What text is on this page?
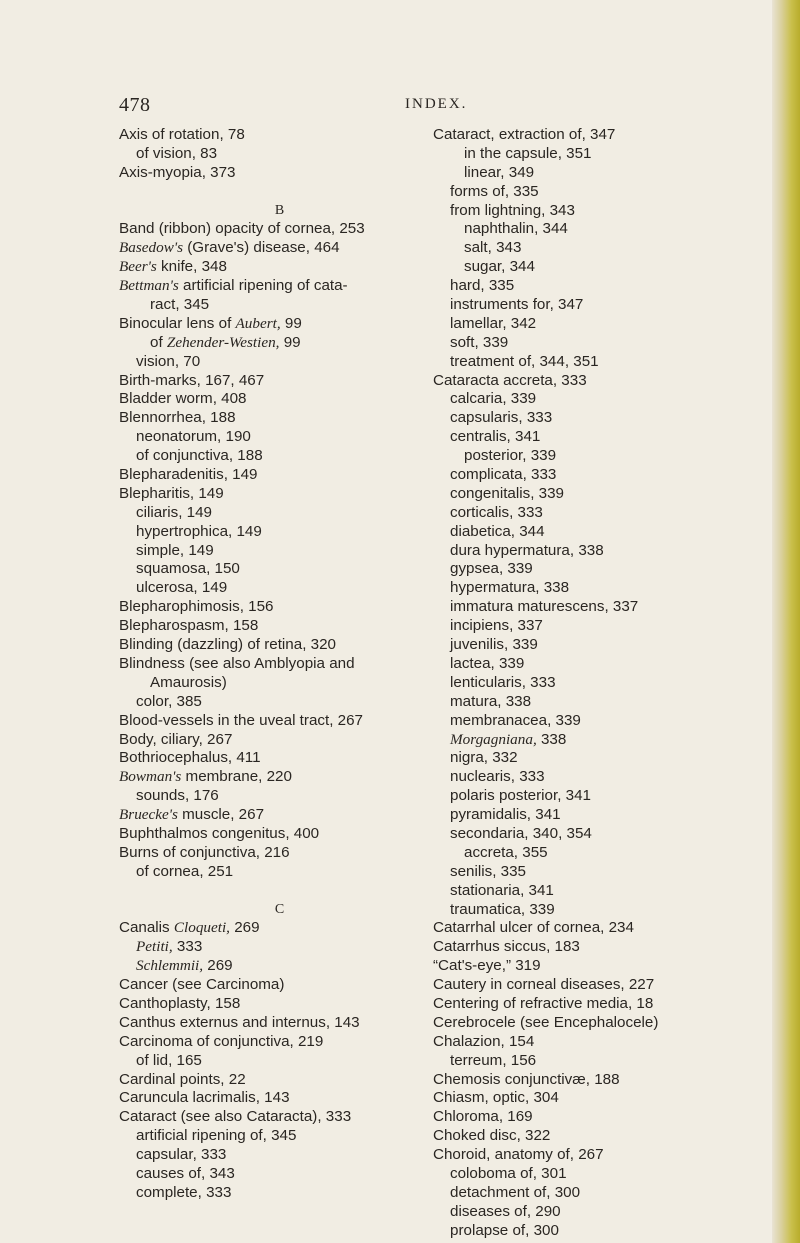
478	INDEX.
Axis of rotation, 78
of vision, 83
Axis-myopia, 373
B
Band (ribbon) opacity of cornea, 253
Basedow's (Grave's) disease, 464
Beer's knife, 348
Bettman's artificial ripening of cata-
ract, 345
Binocular lens of Aubert, 99
of Zehender-Westien, 99
vision, 70
Birth-marks, 167, 467
Bladder worm, 408
Blennorrhea, 188
neonatorum, 190
of conjunctiva, 188
Blepharadenitis, 149
Blepharitis, 149
ciliaris, 149
hypertrophica, 149
simple, 149
squamosa, 150
ulcerosa, 149
Blepharophimosis, 156
Blepharospasm, 158
Blinding (dazzling) of retina, 320
Blindness (see also Amblyopia and
Amaurosis)
color, 385
Blood-vessels in the uveal tract, 267
Body, ciliary, 267
Bothriocephalus, 411
Bowman's membrane, 220
sounds, 176
Bruecke's muscle, 267
Buphthalmos congenitus, 400
Burns of conjunctiva, 216
of cornea, 251
C
Canalis Cloqueti, 269
Petiti, 333
Schlemmii, 269
Cancer (see Carcinoma)
Canthoplasty, 158
Canthus externus and internus, 143
Carcinoma of conjunctiva, 219
of lid, 165
Cardinal points, 22
Caruncula lacrimalis, 143
Cataract (see also Cataracta), 333
artificial ripening of, 345
capsular, 333
causes of, 343
complete, 333
Cataract, extraction of, 347
in the capsule, 351
linear, 349
forms of, 335
from lightning, 343
naphthalin, 344
salt, 343
sugar, 344
hard, 335
instruments for, 347
lamellar, 342
soft, 339
treatment of, 344, 351
Cataracta accreta, 333
calcaria, 339
capsularis, 333
centralis, 341
posterior, 339
complicata, 333
congenitalis, 339
corticalis, 333
diabetica, 344
dura hypermatura, 338
gypsea, 339
hypermatura, 338
immatura maturescens, 337
incipiens, 337
juvenilis, 339
lactea, 339
lenticularis, 333
matura, 338
membranacea, 339
Morgagniana, 338
nigra, 332
nuclearis, 333
polaris posterior, 341
pyramidalis, 341
secondaria, 340, 354
accreta, 355
senilis, 335
stationaria, 341
traumatica, 339
Catarrhal ulcer of cornea, 234
Catarrhus siccus, 183
“Cat's-eye,” 319
Cautery in corneal diseases, 227
Centering of refractive media, 18
Cerebrocele (see Encephalocele)
Chalazion, 154
terreum, 156
Chemosis conjunctivæ, 188
Chiasm, optic, 304
Chloroma, 169
Choked disc, 322
Choroid, anatomy of, 267
coloboma of, 301
detachment of, 300
diseases of, 290
prolapse of, 300
